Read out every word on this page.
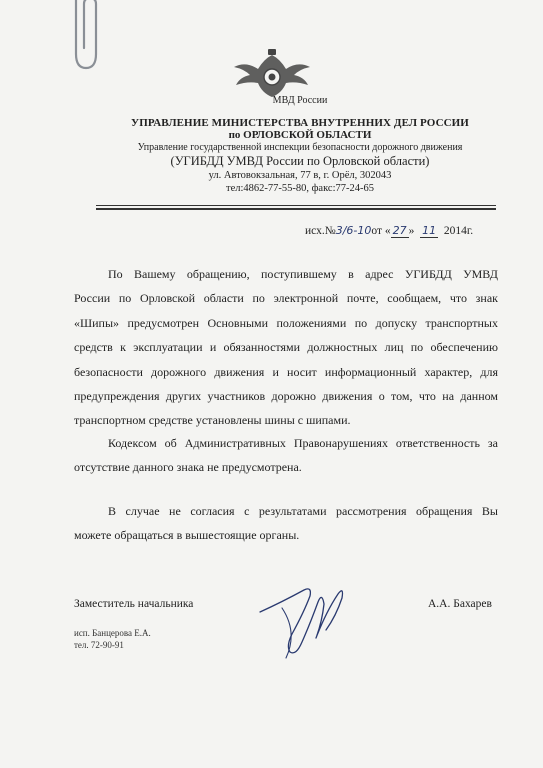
МВД России
УПРАВЛЕНИЕ МИНИСТЕРСТВА ВНУТРЕННИХ ДЕЛ РОССИИ
по ОРЛОВСКОЙ ОБЛАСТИ
Управление государственной инспекции безопасности дорожного движения
(УГИБДД УМВД России по Орловской области)
ул. Автовокзальная, 77 в, г. Орёл, 302043
тел:4862-77-55-80, факс:77-24-65
исх.№3/6-10от « 27 » 11 2014г.
По Вашему обращению, поступившему в адрес УГИБДД УМВД
России по Орловской области по электронной почте, сообщаем, что знак
«Шипы» предусмотрен Основными положениями по допуску транспортных
средств к эксплуатации и обязанностями должностных лиц по обеспечению
безопасности дорожного движения и носит информационный характер, для
предупреждения других участников дорожно движения о том, что на данном
транспортном средстве установлены шины с шипами.
Кодексом об Административных Правонарушениях ответственность за
отсутствие данного знака не предусмотрена.
В случае не согласия с результатами рассмотрения обращения Вы
можете обращаться в вышестоящие органы.
Заместитель начальника	А.А. Бахарев
исп. Банцерова Е.А.
тел. 72-90-91
